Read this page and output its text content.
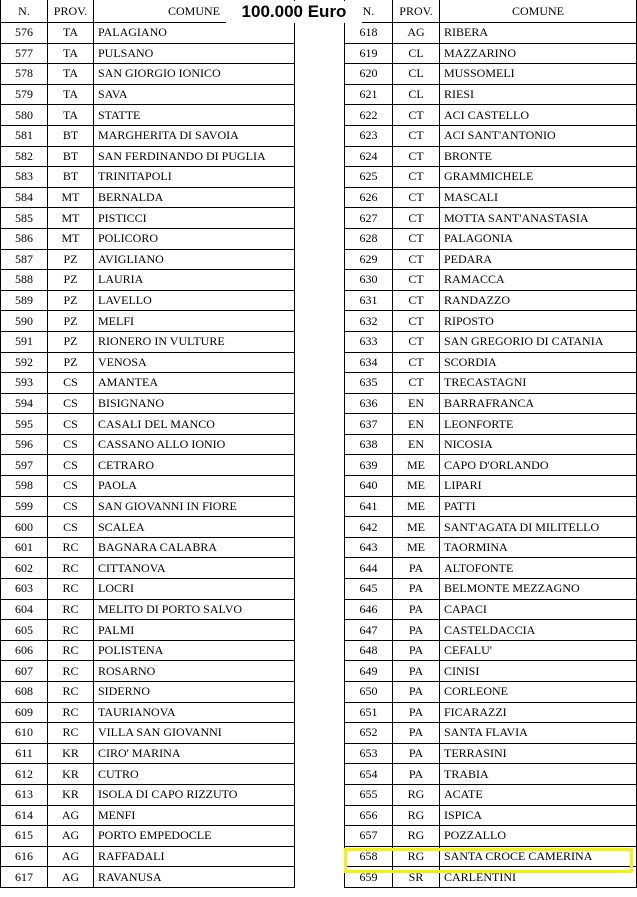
N.	PROV.	COMUNE
576	TA	PALAGIANO
577	TA	PULSANO
578	TA	SAN GIORGIO IONICO
579	TA	SAVA
580	TA	STATTE
581	BT	MARGHERITA DI SAVOIA
582	BT	SAN FERDINANDO DI PUGLIA
583	BT	TRINITAPOLI
584	MT	BERNALDA
585	MT	PISTICCI
586	MT	POLICORO
587	PZ	AVIGLIANO
588	PZ	LAURIA
589	PZ	LAVELLO
590	PZ	MELFI
591	PZ	RIONERO IN VULTURE
592	PZ	VENOSA
593	CS	AMANTEA
594	CS	BISIGNANO
595	CS	CASALI DEL MANCO
596	CS	CASSANO ALLO IONIO
597	CS	CETRARO
598	CS	PAOLA
599	CS	SAN GIOVANNI IN FIORE
600	CS	SCALEA
601	RC	BAGNARA CALABRA
602	RC	CITTANOVA
603	RC	LOCRI
604	RC	MELITO DI PORTO SALVO
605	RC	PALMI
606	RC	POLISTENA
607	RC	ROSARNO
608	RC	SIDERNO
609	RC	TAURIANOVA
610	RC	VILLA SAN GIOVANNI
611	KR	CIRO' MARINA
612	KR	CUTRO
613	KR	ISOLA DI CAPO RIZZUTO
614	AG	MENFI
615	AG	PORTO EMPEDOCLE
616	AG	RAFFADALI
617	AG	RAVANUSA
N.	PROV.	COMUNE
618	AG	RIBERA
619	CL	MAZZARINO
620	CL	MUSSOMELI
621	CL	RIESI
622	CT	ACI CASTELLO
623	CT	ACI SANT'ANTONIO
624	CT	BRONTE
625	CT	GRAMMICHELE
626	CT	MASCALI
627	CT	MOTTA SANT'ANASTASIA
628	CT	PALAGONIA
629	CT	PEDARA
630	CT	RAMACCA
631	CT	RANDAZZO
632	CT	RIPOSTO
633	CT	SAN GREGORIO DI CATANIA
634	CT	SCORDIA
635	CT	TRECASTAGNI
636	EN	BARRAFRANCA
637	EN	LEONFORTE
638	EN	NICOSIA
639	ME	CAPO D'ORLANDO
640	ME	LIPARI
641	ME	PATTI
642	ME	SANT'AGATA DI MILITELLO
643	ME	TAORMINA
644	PA	ALTOFONTE
645	PA	BELMONTE MEZZAGNO
646	PA	CAPACI
647	PA	CASTELDACCIA
648	PA	CEFALU'
649	PA	CINISI
650	PA	CORLEONE
651	PA	FICARAZZI
652	PA	SANTA FLAVIA
653	PA	TERRASINI
654	PA	TRABIA
655	RG	ACATE
656	RG	ISPICA
657	RG	POZZALLO
658	RG	SANTA CROCE CAMERINA
659	SR	CARLENTINI
100.000 Euro
